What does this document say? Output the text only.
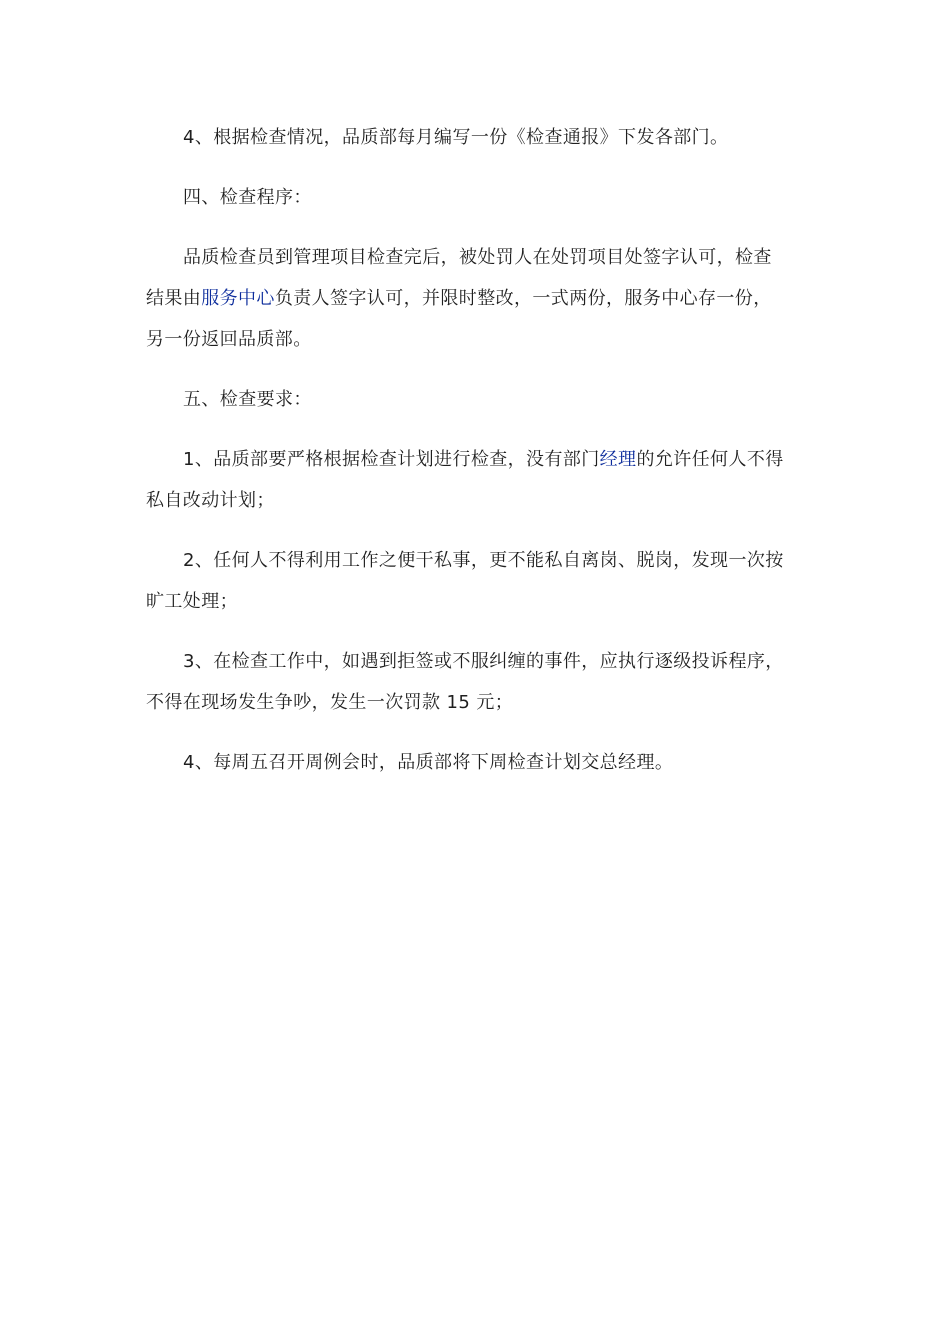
4、根据检查情况，品质部每月编写一份《检查通报》下发各部门。
四、检查程序：
品质检查员到管理项目检查完后，被处罚人在处罚项目处签字认可，检查
结果由服务中心负责人签字认可，并限时整改，一式两份，服务中心存一份，
另一份返回品质部。
五、检查要求：
1、品质部要严格根据检查计划进行检查，没有部门经理的允许任何人不得
私自改动计划；
2、任何人不得利用工作之便干私事，更不能私自离岗、脱岗，发现一次按
旷工处理；
3、在检查工作中，如遇到拒签或不服纠缠的事件，应执行逐级投诉程序，
不得在现场发生争吵，发生一次罚款 15 元；
4、每周五召开周例会时，品质部将下周检查计划交总经理。
